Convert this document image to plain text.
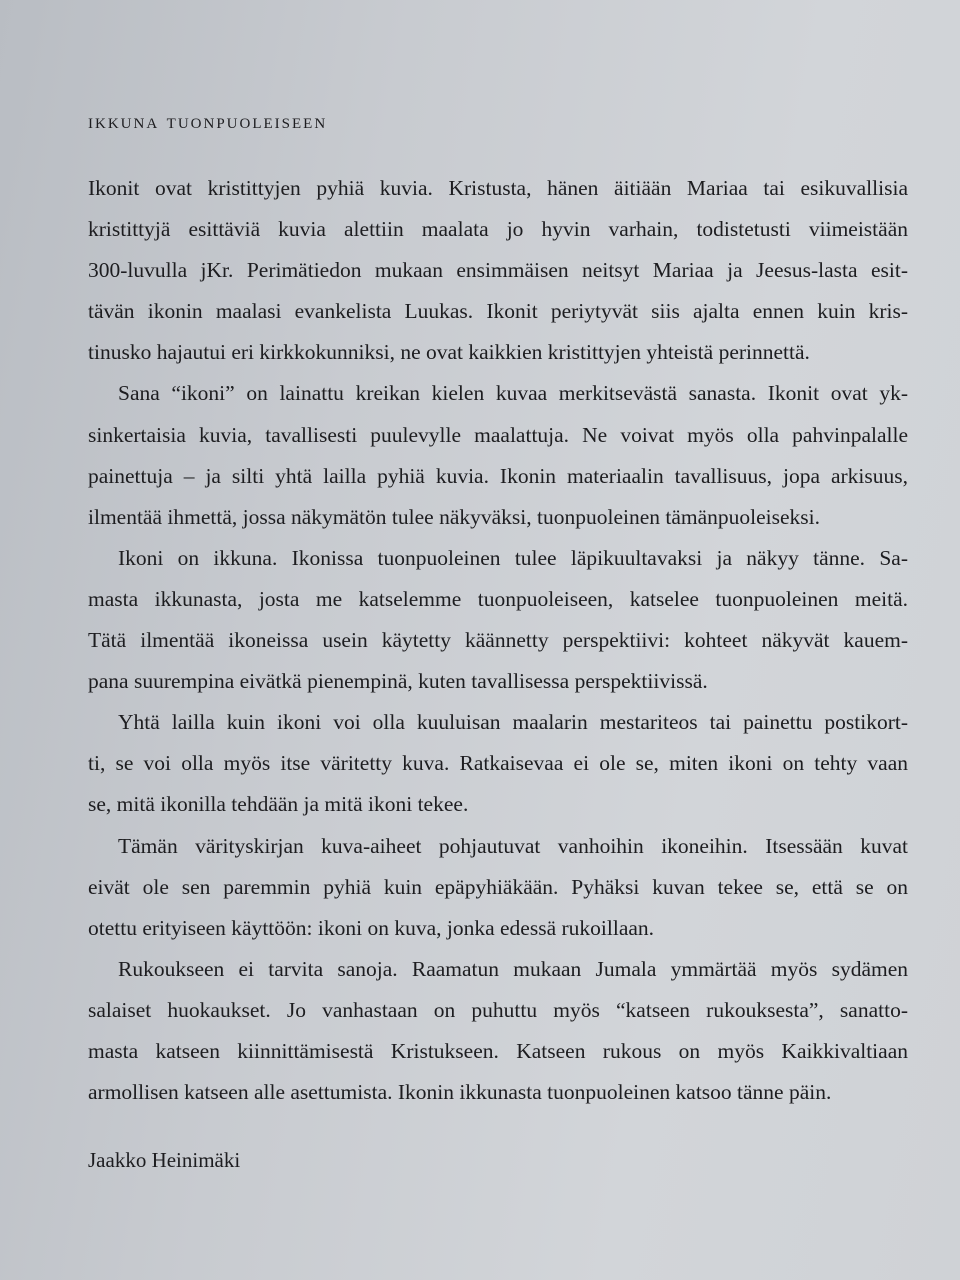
ikkuna tuonpuoleiseen
Ikonit ovat kristittyjen pyhiä kuvia. Kristusta, hänen äitiään Mariaa tai esikuvallisia
kristittyjä esittäviä kuvia alettiin maalata jo hyvin varhain, todistetusti viimeistään
300-luvulla jKr. Perimätiedon mukaan ensimmäisen neitsyt Mariaa ja Jeesus-lasta esit-
tävän ikonin maalasi evankelista Luukas. Ikonit periytyvät siis ajalta ennen kuin kris-
tinusko hajautui eri kirkkokunniksi, ne ovat kaikkien kristittyjen yhteistä perinnettä.
Sana “ikoni” on lainattu kreikan kielen kuvaa merkitsevästä sanasta. Ikonit ovat yk-
sinkertaisia kuvia, tavallisesti puulevylle maalattuja. Ne voivat myös olla pahvinpalalle
painettuja – ja silti yhtä lailla pyhiä kuvia. Ikonin materiaalin tavallisuus, jopa arkisuus,
ilmentää ihmettä, jossa näkymätön tulee näkyväksi, tuonpuoleinen tämänpuoleiseksi.
Ikoni on ikkuna. Ikonissa tuonpuoleinen tulee läpikuultavaksi ja näkyy tänne. Sa-
masta ikkunasta, josta me katselemme tuonpuoleiseen, katselee tuonpuoleinen meitä.
Tätä ilmentää ikoneissa usein käytetty käännetty perspektiivi: kohteet näkyvät kauem-
pana suurempina eivätkä pienempinä, kuten tavallisessa perspektiivissä.
Yhtä lailla kuin ikoni voi olla kuuluisan maalarin mestariteos tai painettu postikort-
ti, se voi olla myös itse väritetty kuva. Ratkaisevaa ei ole se, miten ikoni on tehty vaan
se, mitä ikonilla tehdään ja mitä ikoni tekee.
Tämän värityskirjan kuva-aiheet pohjautuvat vanhoihin ikoneihin. Itsessään kuvat
eivät ole sen paremmin pyhiä kuin epäpyhiäkään. Pyhäksi kuvan tekee se, että se on
otettu erityiseen käyttöön: ikoni on kuva, jonka edessä rukoillaan.
Rukoukseen ei tarvita sanoja. Raamatun mukaan Jumala ymmärtää myös sydämen
salaiset huokaukset. Jo vanhastaan on puhuttu myös “katseen rukouksesta”, sanatto-
masta katseen kiinnittämisestä Kristukseen. Katseen rukous on myös Kaikkivaltiaan
armollisen katseen alle asettumista. Ikonin ikkunasta tuonpuoleinen katsoo tänne päin.
Jaakko Heinimäki
